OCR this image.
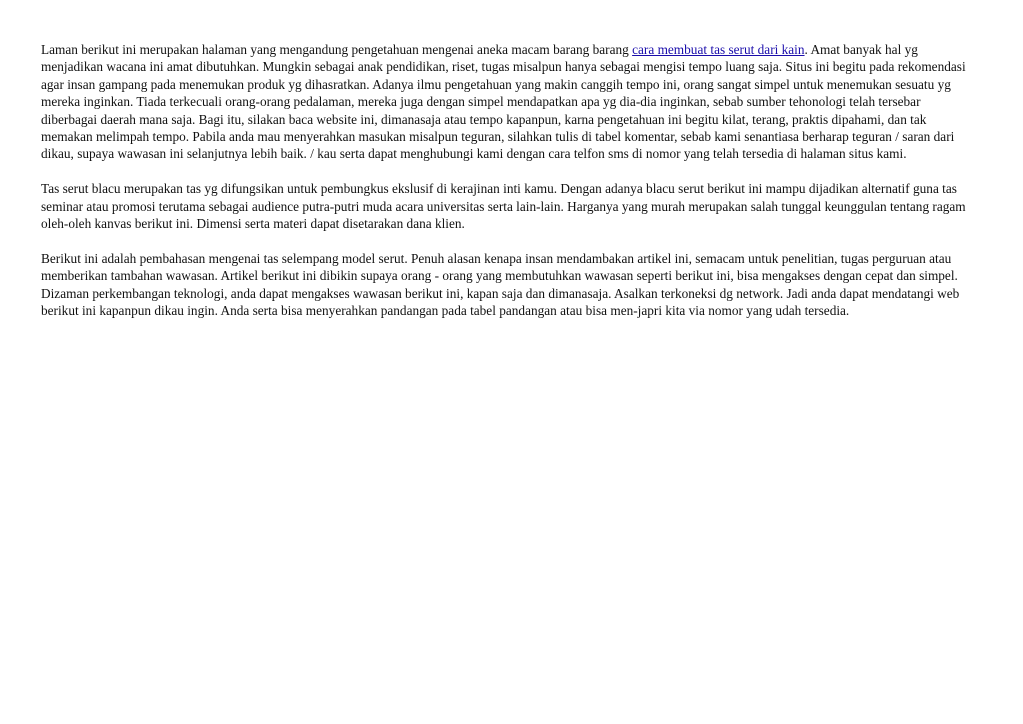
Laman berikut ini merupakan halaman yang mengandung pengetahuan mengenai aneka macam barang barang cara membuat tas serut dari kain. Amat banyak hal yg menjadikan wacana ini amat dibutuhkan. Mungkin sebagai anak pendidikan, riset, tugas misalpun hanya sebagai mengisi tempo luang saja. Situs ini begitu pada rekomendasi agar insan gampang pada menemukan produk yg dihasratkan. Adanya ilmu pengetahuan yang makin canggih tempo ini, orang sangat simpel untuk menemukan sesuatu yg mereka inginkan. Tiada terkecuali orang-orang pedalaman, mereka juga dengan simpel mendapatkan apa yg dia-dia inginkan, sebab sumber tehonologi telah tersebar diberbagai daerah mana saja. Bagi itu, silakan baca website ini, dimanasaja atau tempo kapanpun, karna pengetahuan ini begitu kilat, terang, praktis dipahami, dan tak memakan melimpah tempo. Pabila anda mau menyerahkan masukan misalpun teguran, silahkan tulis di tabel komentar, sebab kami senantiasa berharap teguran / saran dari dikau, supaya wawasan ini selanjutnya lebih baik. / kau serta dapat menghubungi kami dengan cara telfon sms di nomor yang telah tersedia di halaman situs kami.

Tas serut blacu merupakan tas yg difungsikan untuk pembungkus ekslusif di kerajinan inti kamu. Dengan adanya blacu serut berikut ini mampu dijadikan alternatif guna tas seminar atau promosi terutama sebagai audience putra-putri muda acara universitas serta lain-lain. Harganya yang murah merupakan salah tunggal keunggulan tentang ragam oleh-oleh kanvas berikut ini. Dimensi serta materi dapat disetarakan dana klien.

Berikut ini adalah pembahasan mengenai tas selempang model serut. Penuh alasan kenapa insan mendambakan artikel ini, semacam untuk penelitian, tugas perguruan atau memberikan tambahan wawasan. Artikel berikut ini dibikin supaya orang - orang yang membutuhkan wawasan seperti berikut ini, bisa mengakses dengan cepat dan simpel. Dizaman perkembangan teknologi, anda dapat mengakses wawasan berikut ini, kapan saja dan dimanasaja. Asalkan terkoneksi dg network. Jadi anda dapat mendatangi web berikut ini kapanpun dikau ingin. Anda serta bisa menyerahkan pandangan pada tabel pandangan atau bisa men-japri kita via nomor yang udah tersedia.
